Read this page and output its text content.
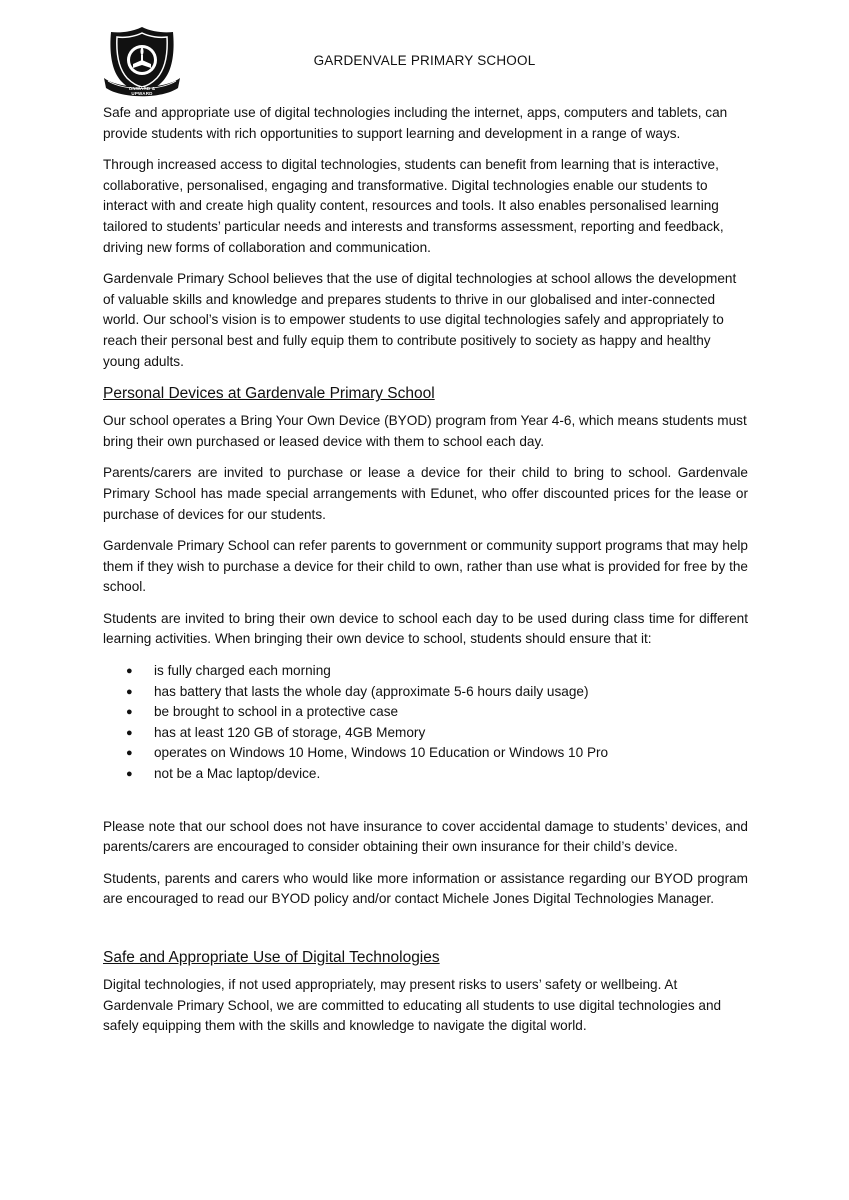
ONWARD & UPWARD
GARDENVALE PRIMARY SCHOOL

Safe and appropriate use of digital technologies including the internet, apps, computers and tablets, can provide students with rich opportunities to support learning and development in a range of ways.

Through increased access to digital technologies, students can benefit from learning that is interactive, collaborative, personalised, engaging and transformative. Digital technologies enable our students to interact with and create high quality content, resources and tools. It also enables personalised learning tailored to students’ particular needs and interests and transforms assessment, reporting and feedback, driving new forms of collaboration and communication.

Gardenvale Primary School believes that the use of digital technologies at school allows the development of valuable skills and knowledge and prepares students to thrive in our globalised and inter-connected world. Our school’s vision is to empower students to use digital technologies safely and appropriately to reach their personal best and fully equip them to contribute positively to society as happy and healthy young adults.

Personal Devices at Gardenvale Primary School

Our school operates a Bring Your Own Device (BYOD) program from Year 4-6, which means students must bring their own purchased or leased device with them to school each day.

Parents/carers are invited to purchase or lease a device for their child to bring to school. Gardenvale Primary School has made special arrangements with Edunet, who offer discounted prices for the lease or purchase of devices for our students.

Gardenvale Primary School can refer parents to government or community support programs that may help them if they wish to purchase a device for their child to own, rather than use what is provided for free by the school.

Students are invited to bring their own device to school each day to be used during class time for different learning activities. When bringing their own device to school, students should ensure that it:

● is fully charged each morning
● has battery that lasts the whole day (approximate 5-6 hours daily usage)
● be brought to school in a protective case
● has at least 120 GB of storage, 4GB Memory
● operates on Windows 10 Home, Windows 10 Education or Windows 10 Pro
● not be a Mac laptop/device.

Please note that our school does not have insurance to cover accidental damage to students’ devices, and parents/carers are encouraged to consider obtaining their own insurance for their child’s device.

Students, parents and carers who would like more information or assistance regarding our BYOD program are encouraged to read our BYOD policy and/or contact Michele Jones Digital Technologies Manager.

Safe and Appropriate Use of Digital Technologies

Digital technologies, if not used appropriately, may present risks to users’ safety or wellbeing. At Gardenvale Primary School, we are committed to educating all students to use digital technologies and safely equipping them with the skills and knowledge to navigate the digital world.
